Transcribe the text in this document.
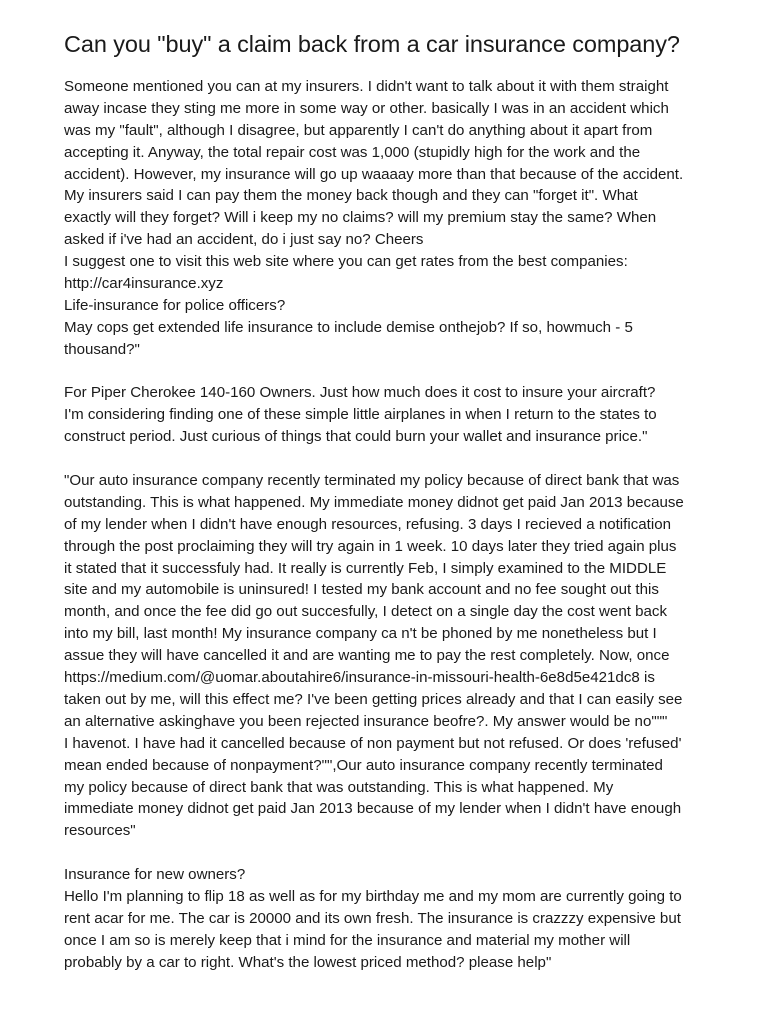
Can you "buy" a claim back from a car insurance company?
Someone mentioned you can at my insurers. I didn't want to talk about it with them straight
away incase they sting me more in some way or other. basically I was in an accident which
was my "fault", although I disagree, but apparently I can't do anything about it apart from
accepting it. Anyway, the total repair cost was 1,000 (stupidly high for the work and the
accident). However, my insurance will go up waaaay more than that because of the accident.
My insurers said I can pay them the money back though and they can "forget it". What
exactly will they forget? Will i keep my no claims? will my premium stay the same? When
asked if i've had an accident, do i just say no? Cheers
I suggest one to visit this web site where you can get rates from the best companies:
http://car4insurance.xyz
Life-insurance for police officers?
May cops get extended life insurance to include demise onthejob? If so, howmuch - 5
thousand?"
For Piper Cherokee 140-160 Owners. Just how much does it cost to insure your aircraft?
I'm considering finding one of these simple little airplanes in when I return to the states to
construct period. Just curious of things that could burn your wallet and insurance price."
"Our auto insurance company recently terminated my policy because of direct bank that was
outstanding. This is what happened. My immediate money didnot get paid Jan 2013 because
of my lender when I didn't have enough resources, refusing. 3 days I recieved a notification
through the post proclaiming they will try again in 1 week. 10 days later they tried again plus
it stated that it successfuly had. It really is currently Feb, I simply examined to the MIDDLE
site and my automobile is uninsured! I tested my bank account and no fee sought out this
month, and once the fee did go out succesfully, I detect on a single day the cost went back
into my bill, last month! My insurance company ca n't be phoned by me nonetheless but I
assue they will have cancelled it and are wanting me to pay the rest completely. Now, once
https://medium.com/@uomar.aboutahire6/insurance-in-missouri-health-6e8d5e421dc8 is
taken out by me, will this effect me? I've been getting prices already and that I can easily see
an alternative askinghave you been rejected insurance beofre?. My answer would be no"""
I havenot. I have had it cancelled because of non payment but not refused. Or does 'refused'
mean ended because of nonpayment?"",Our auto insurance company recently terminated
my policy because of direct bank that was outstanding. This is what happened. My
immediate money didnot get paid Jan 2013 because of my lender when I didn't have enough
resources"
Insurance for new owners?
Hello I'm planning to flip 18 as well as for my birthday me and my mom are currently going to
rent acar for me. The car is 20000 and its own fresh. The insurance is crazzzy expensive but
once I am so is merely keep that i mind for the insurance and material my mother will
probably by a car to right. What's the lowest priced method? please help"
